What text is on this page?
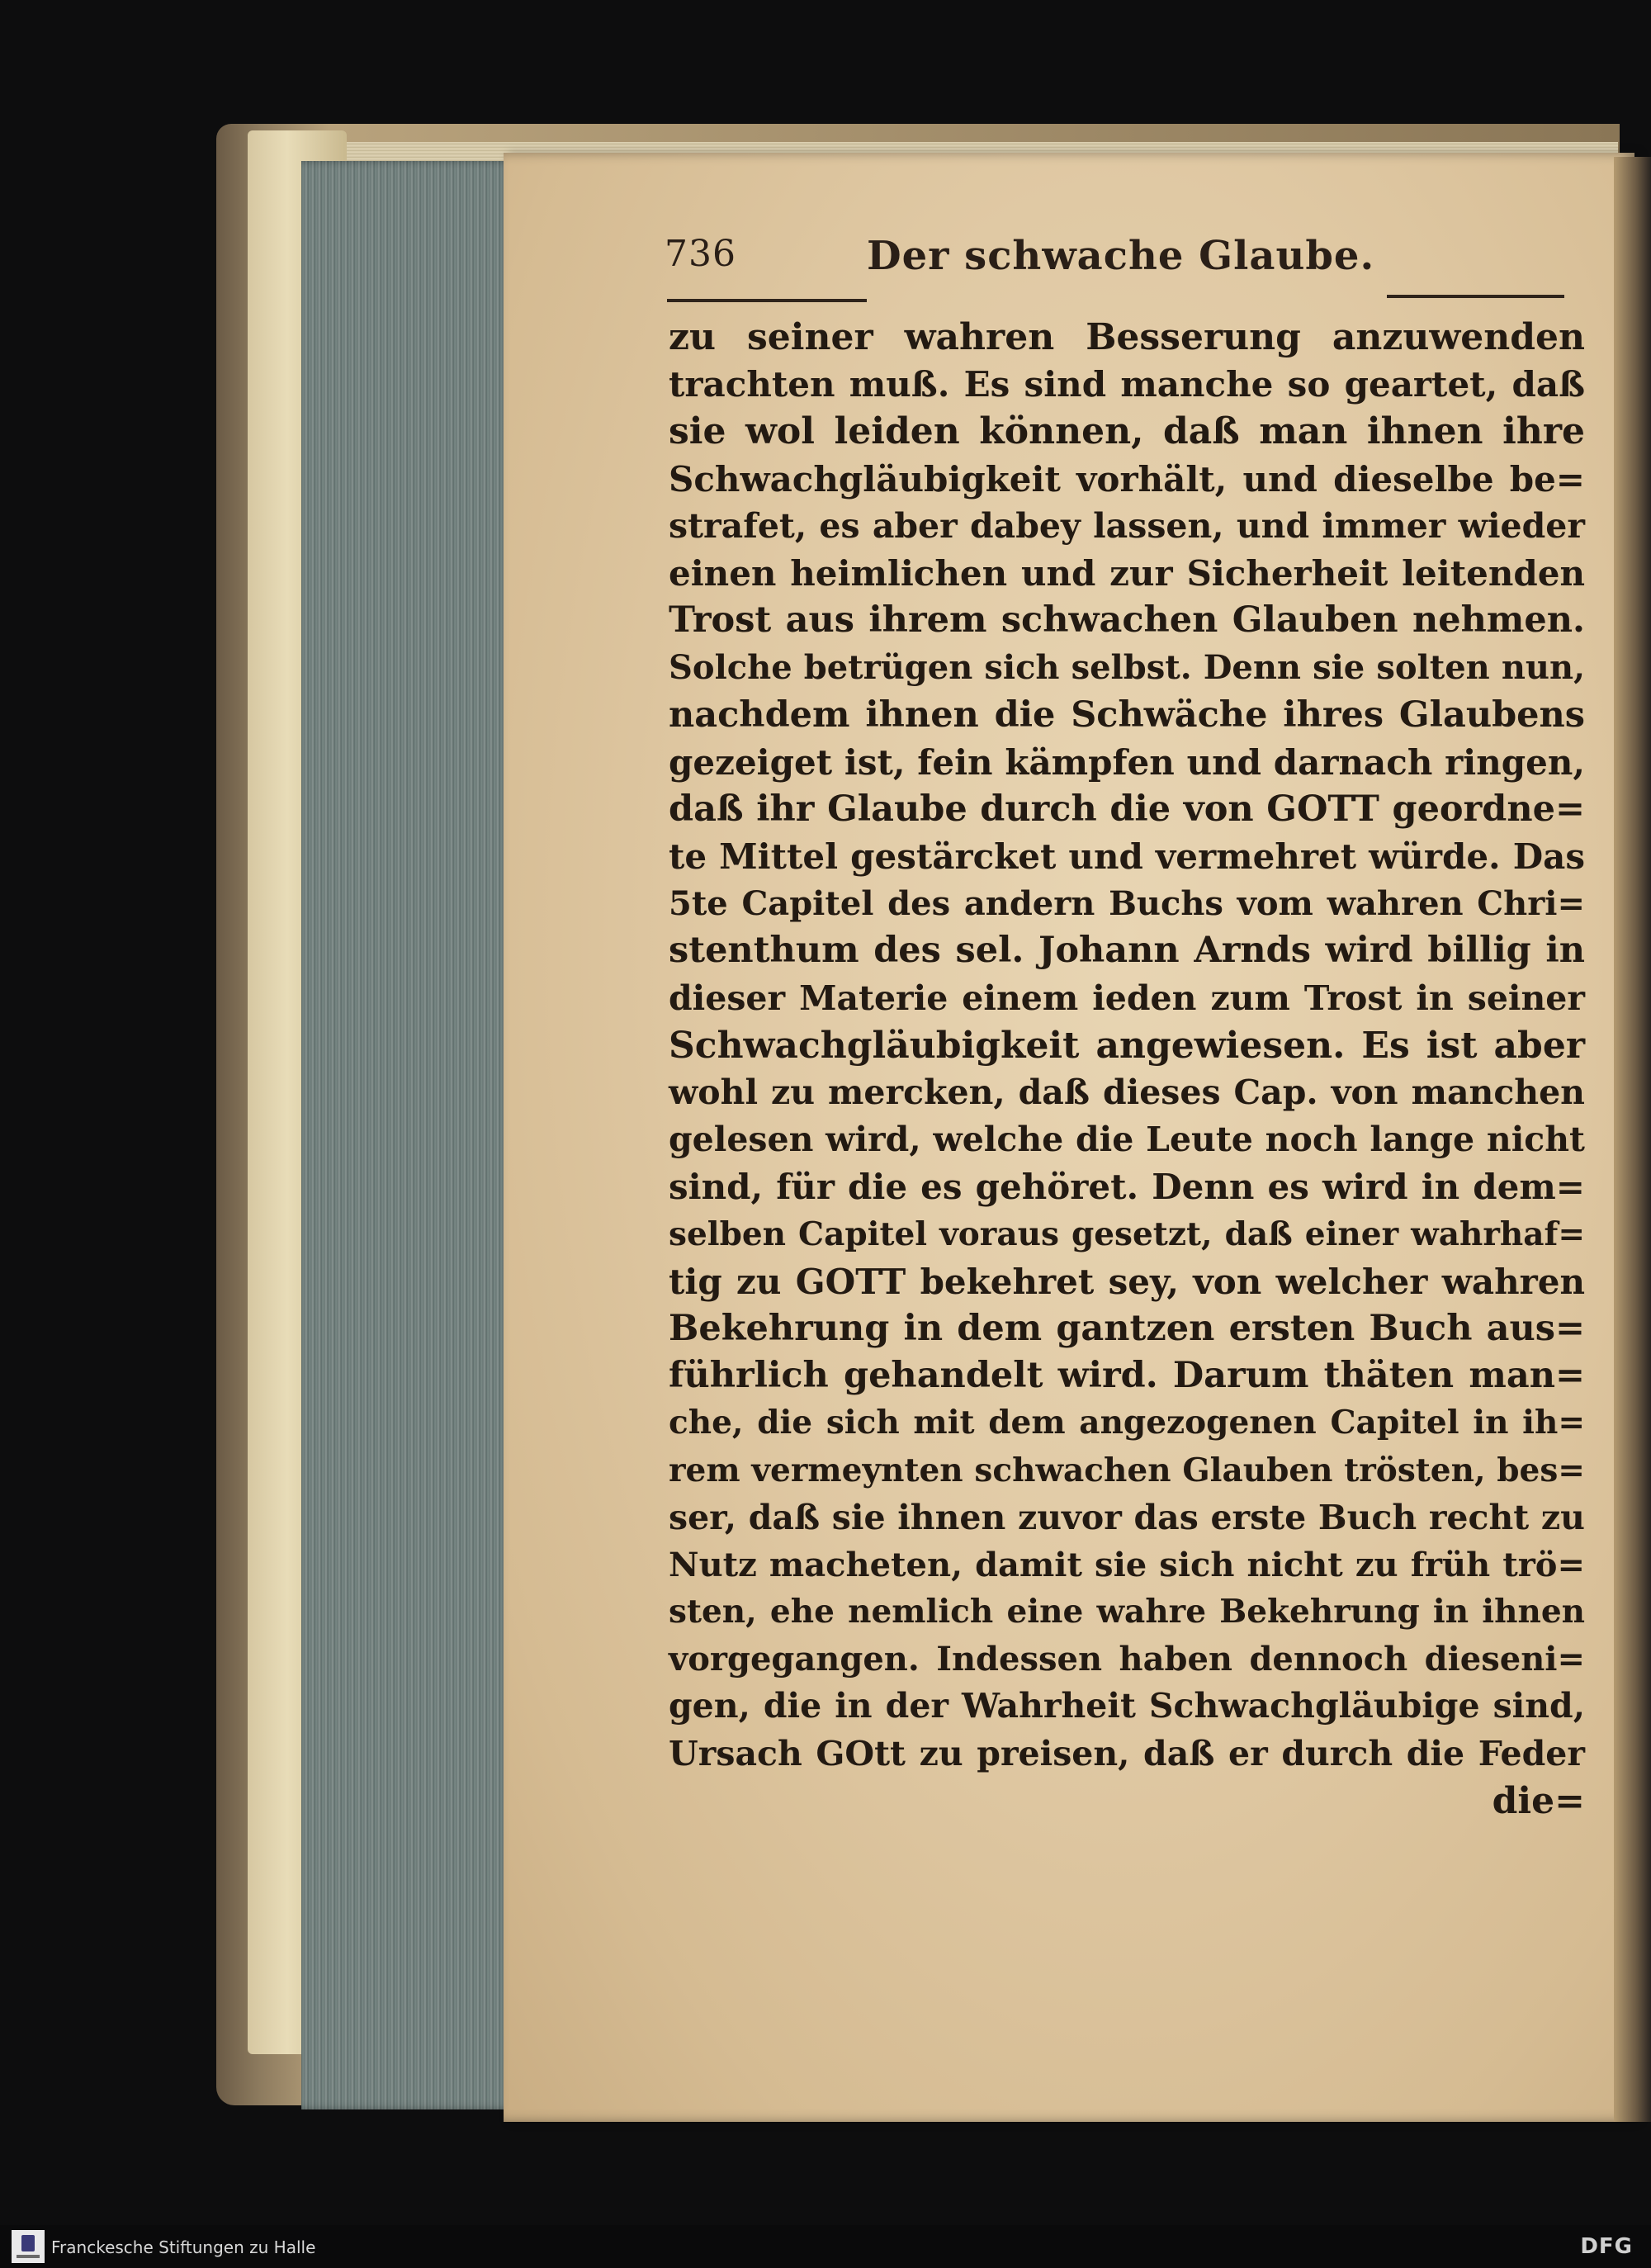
736	Der schwache Glaube.
zu seiner wahren Besserung anzuwenden
trachten muß. Es sind manche so geartet, daß
sie wol leiden können, daß man ihnen ihre
Schwachgläubigkeit vorhält, und dieselbe be=
strafet, es aber dabey lassen, und immer wieder
einen heimlichen und zur Sicherheit leitenden
Trost aus ihrem schwachen Glauben nehmen.
Solche betrügen sich selbst. Denn sie solten nun,
nachdem ihnen die Schwäche ihres Glaubens
gezeiget ist, fein kämpfen und darnach ringen,
daß ihr Glaube durch die von GOTT geordne=
te Mittel gestärcket und vermehret würde. Das
5te Capitel des andern Buchs vom wahren Chri=
stenthum des sel. Johann Arnds wird billig in
dieser Materie einem ieden zum Trost in seiner
Schwachgläubigkeit angewiesen. Es ist aber
wohl zu mercken, daß dieses Cap. von manchen
gelesen wird, welche die Leute noch lange nicht
sind, für die es gehöret. Denn es wird in dem=
selben Capitel voraus gesetzt, daß einer wahrhaf=
tig zu GOTT bekehret sey, von welcher wahren
Bekehrung in dem gantzen ersten Buch aus=
führlich gehandelt wird. Darum thäten man=
che, die sich mit dem angezogenen Capitel in ih=
rem vermeynten schwachen Glauben trösten, bes=
ser, daß sie ihnen zuvor das erste Buch recht zu
Nutz macheten, damit sie sich nicht zu früh trö=
sten, ehe nemlich eine wahre Bekehrung in ihnen
vorgegangen. Indessen haben dennoch dieseni=
gen, die in der Wahrheit Schwachgläubige sind,
Ursach GOtt zu preisen, daß er durch die Feder
die=
Franckesche Stiftungen zu Halle	DFG
